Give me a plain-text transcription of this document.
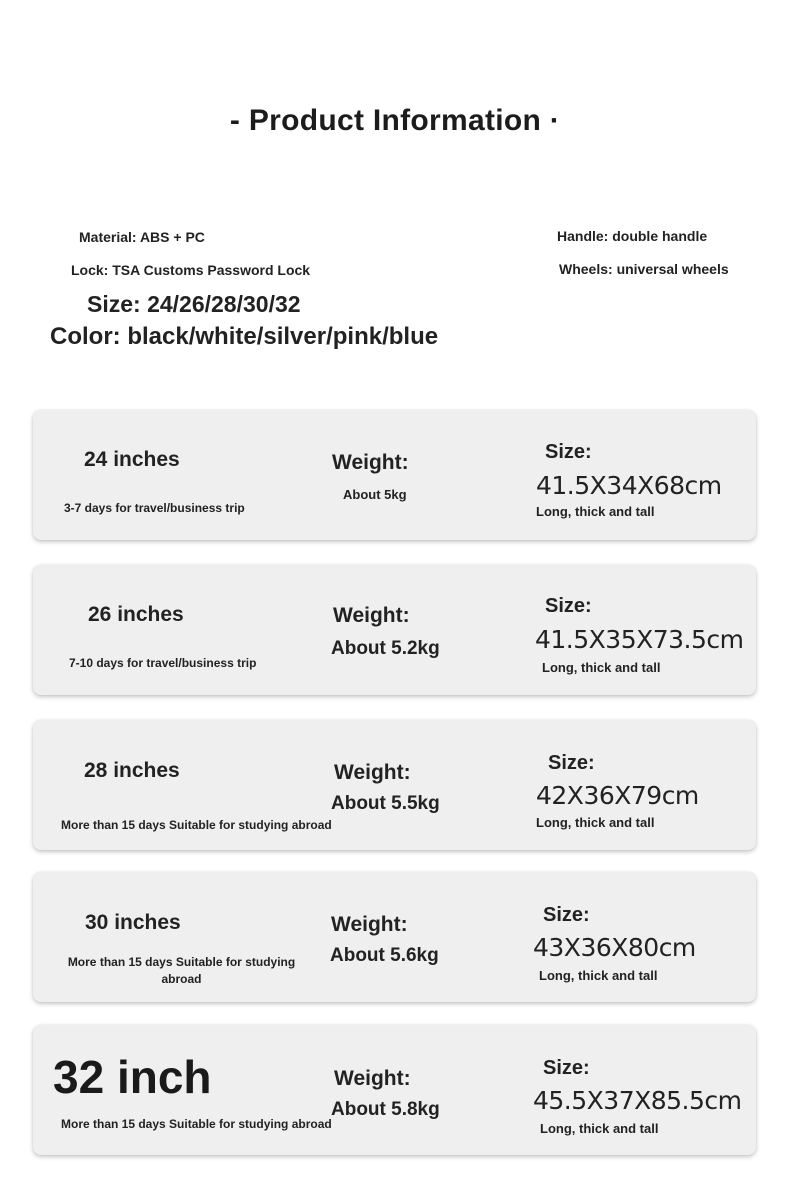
- Product Information ·
Material: ABS + PC
Lock: TSA Customs Password Lock
Size: 24/26/28/30/32
Color: black/white/silver/pink/blue
Handle: double handle
Wheels: universal wheels
24 inches
3-7 days for travel/business trip
Weight:
About 5kg
Size:
41.5X34X68cm
Long, thick and tall
26 inches
7-10 days for travel/business trip
Weight:
About 5.2kg
Size:
41.5X35X73.5cm
Long, thick and tall
28 inches
More than 15 days Suitable for studying abroad
Weight:
About 5.5kg
Size:
42X36X79cm
Long, thick and tall
30 inches
More than 15 days Suitable for studying abroad
Weight:
About 5.6kg
Size:
43X36X80cm
Long, thick and tall
32 inch
More than 15 days Suitable for studying abroad
Weight:
About 5.8kg
Size:
45.5X37X85.5cm
Long, thick and tall
